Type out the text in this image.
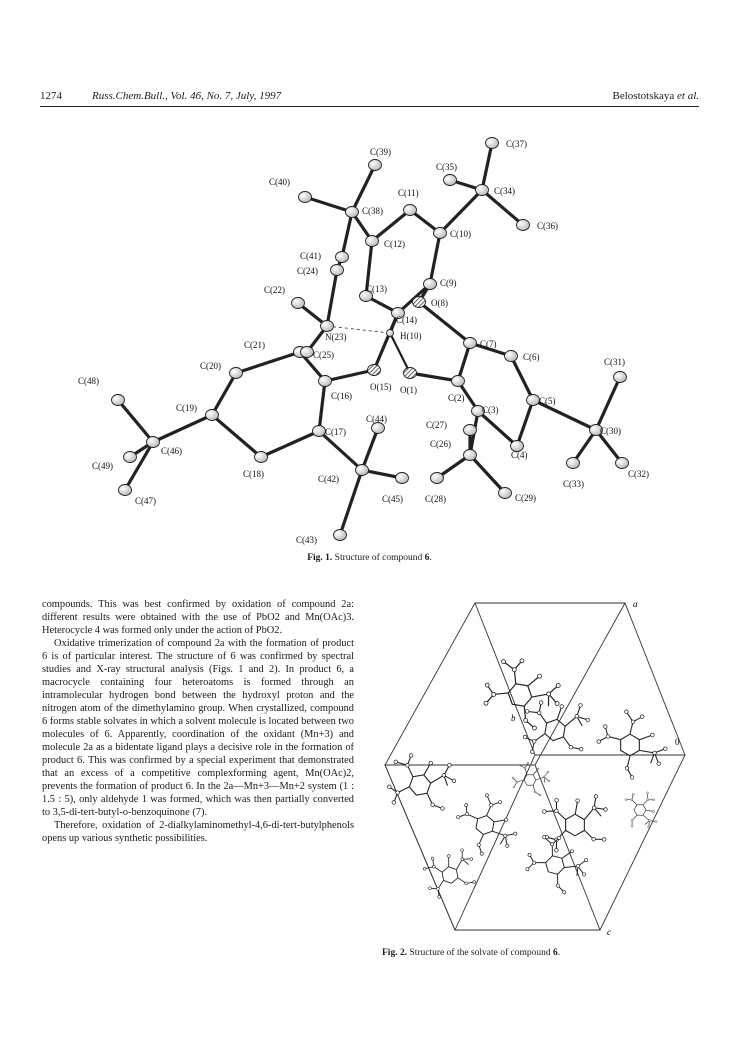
1274	Russ.Chem.Bull., Vol. 46, No. 7, July, 1997	Belostotskaya et al.
C(39)
C(37)
C(35)
C(34)
C(40)
C(11)
C(38)
C(36)
C(10)
C(12)
C(41)
C(24)
C(9)
C(22)	C(13)
O(8)
C(14)
N(23)	H(10)
C(7)
C(21)
C(25)
C(20)
C(6)	C(31)
C(48)
O(15) O(1)
C(16)	C(2)	C(5)
C(19)	C(3)
C(44)
C(27)
C(30)
C(46)
C(17)
C(26)
C(4)
C(49)
C(18)	C(32)
C(42)	C(33)
C(28)
C(47)	C(45)	C(29)
C(43)
Fig. 1. Structure of compound 6.

compounds. This was best confirmed by oxidation of compound 2a: different results were obtained with the use of PbO2 and Mn(OAc)3. Heterocycle 4 was formed only under the action of PbO2.

Oxidative trimerization of compound 2a with the formation of product 6 is of particular interest. The structure of 6 was confirmed by spectral studies and X-ray structural analysis (Figs. 1 and 2). In product 6, a macrocycle containing four heteroatoms is formed through an intramolecular hydrogen bond between the hydroxyl proton and the nitrogen atom of the dimethylamino group. When crystallized, compound 6 forms stable solvates in which a solvent molecule is located between two molecules of 6. Apparently, coordination of the oxidant (Mn+3) and molecule 2a as a bidentate ligand plays a decisive role in the formation of product 6. This was confirmed by a special experiment that demonstrated that an excess of a competitive complexforming agent, Mn(OAc)2, prevents the formation of product 6. In the 2a—Mn+3—Mn+2 system (1 : 1.5 : 5), only aldehyde 1 was formed, which was then partially converted to 3,5-di-tert-butyl-o-benzoquinone (7).

Therefore, oxidation of 2-dialkylaminomethyl-4,6-di-tert-butylphenols opens up various synthetic possibilities.

a
b
c
0
Fig. 2. Structure of the solvate of compound 6.
